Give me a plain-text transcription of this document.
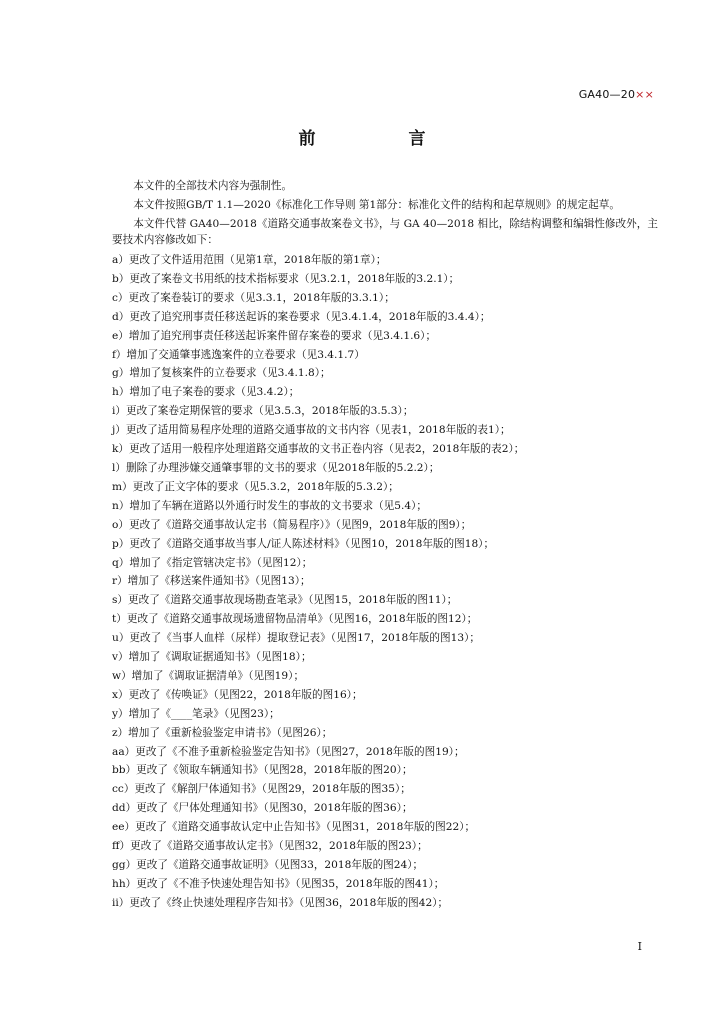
GA40—20××
前　言

本文件的全部技术内容为强制性。

本文件按照GB/T 1.1—2020《标准化工作导则 第1部分：标准化文件的结构和起草规则》的规定起草。

本文件代替 GA40—2018《道路交通事故案卷文书》，与 GA 40—2018 相比，除结构调整和编辑性修改外，主要技术内容修改如下：

a）更改了文件适用范围（见第1章，2018年版的第1章）；
b）更改了案卷文书用纸的技术指标要求（见3.2.1，2018年版的3.2.1）；
c）更改了案卷装订的要求（见3.3.1，2018年版的3.3.1）；
d）更改了追究刑事责任移送起诉的案卷要求（见3.4.1.4，2018年版的3.4.4）；
e）增加了追究刑事责任移送起诉案件留存案卷的要求（见3.4.1.6）；
f）增加了交通肇事逃逸案件的立卷要求（见3.4.1.7）
g）增加了复核案件的立卷要求（见3.4.1.8）；
h）增加了电子案卷的要求（见3.4.2）；
i）更改了案卷定期保管的要求（见3.5.3，2018年版的3.5.3）；
j）更改了适用简易程序处理的道路交通事故的文书内容（见表1，2018年版的表1）；
k）更改了适用一般程序处理道路交通事故的文书正卷内容（见表2，2018年版的表2）；
l）删除了办理涉嫌交通肇事罪的文书的要求（见2018年版的5.2.2）；
m）更改了正文字体的要求（见5.3.2，2018年版的5.3.2）；
n）增加了车辆在道路以外通行时发生的事故的文书要求（见5.4）；
o）更改了《道路交通事故认定书（简易程序）》（见图9，2018年版的图9）；
p）更改了《道路交通事故当事人/证人陈述材料》（见图10，2018年版的图18）；
q）增加了《指定管辖决定书》（见图12）；
r）增加了《移送案件通知书》（见图13）；
s）更改了《道路交通事故现场勘查笔录》（见图15，2018年版的图11）；
t）更改了《道路交通事故现场遗留物品清单》（见图16，2018年版的图12）；
u）更改了《当事人血样（尿样）提取登记表》（见图17，2018年版的图13）；
v）增加了《调取证据通知书》（见图18）；
w）增加了《调取证据清单》（见图19）；
x）更改了《传唤证》（见图22，2018年版的图16）；
y）增加了《____笔录》（见图23）；
z）增加了《重新检验鉴定申请书》（见图26）；
aa）更改了《不准予重新检验鉴定告知书》（见图27，2018年版的图19）；
bb）更改了《领取车辆通知书》（见图28，2018年版的图20）；
cc）更改了《解剖尸体通知书》（见图29，2018年版的图35）；
dd）更改了《尸体处理通知书》（见图30，2018年版的图36）；
ee）更改了《道路交通事故认定中止告知书》（见图31，2018年版的图22）；
ff）更改了《道路交通事故认定书》（见图32，2018年版的图23）；
gg）更改了《道路交通事故证明》（见图33，2018年版的图24）；
hh）更改了《不准予快速处理告知书》（见图35，2018年版的图41）；
ii）更改了《终止快速处理程序告知书》（见图36，2018年版的图42）；
I
